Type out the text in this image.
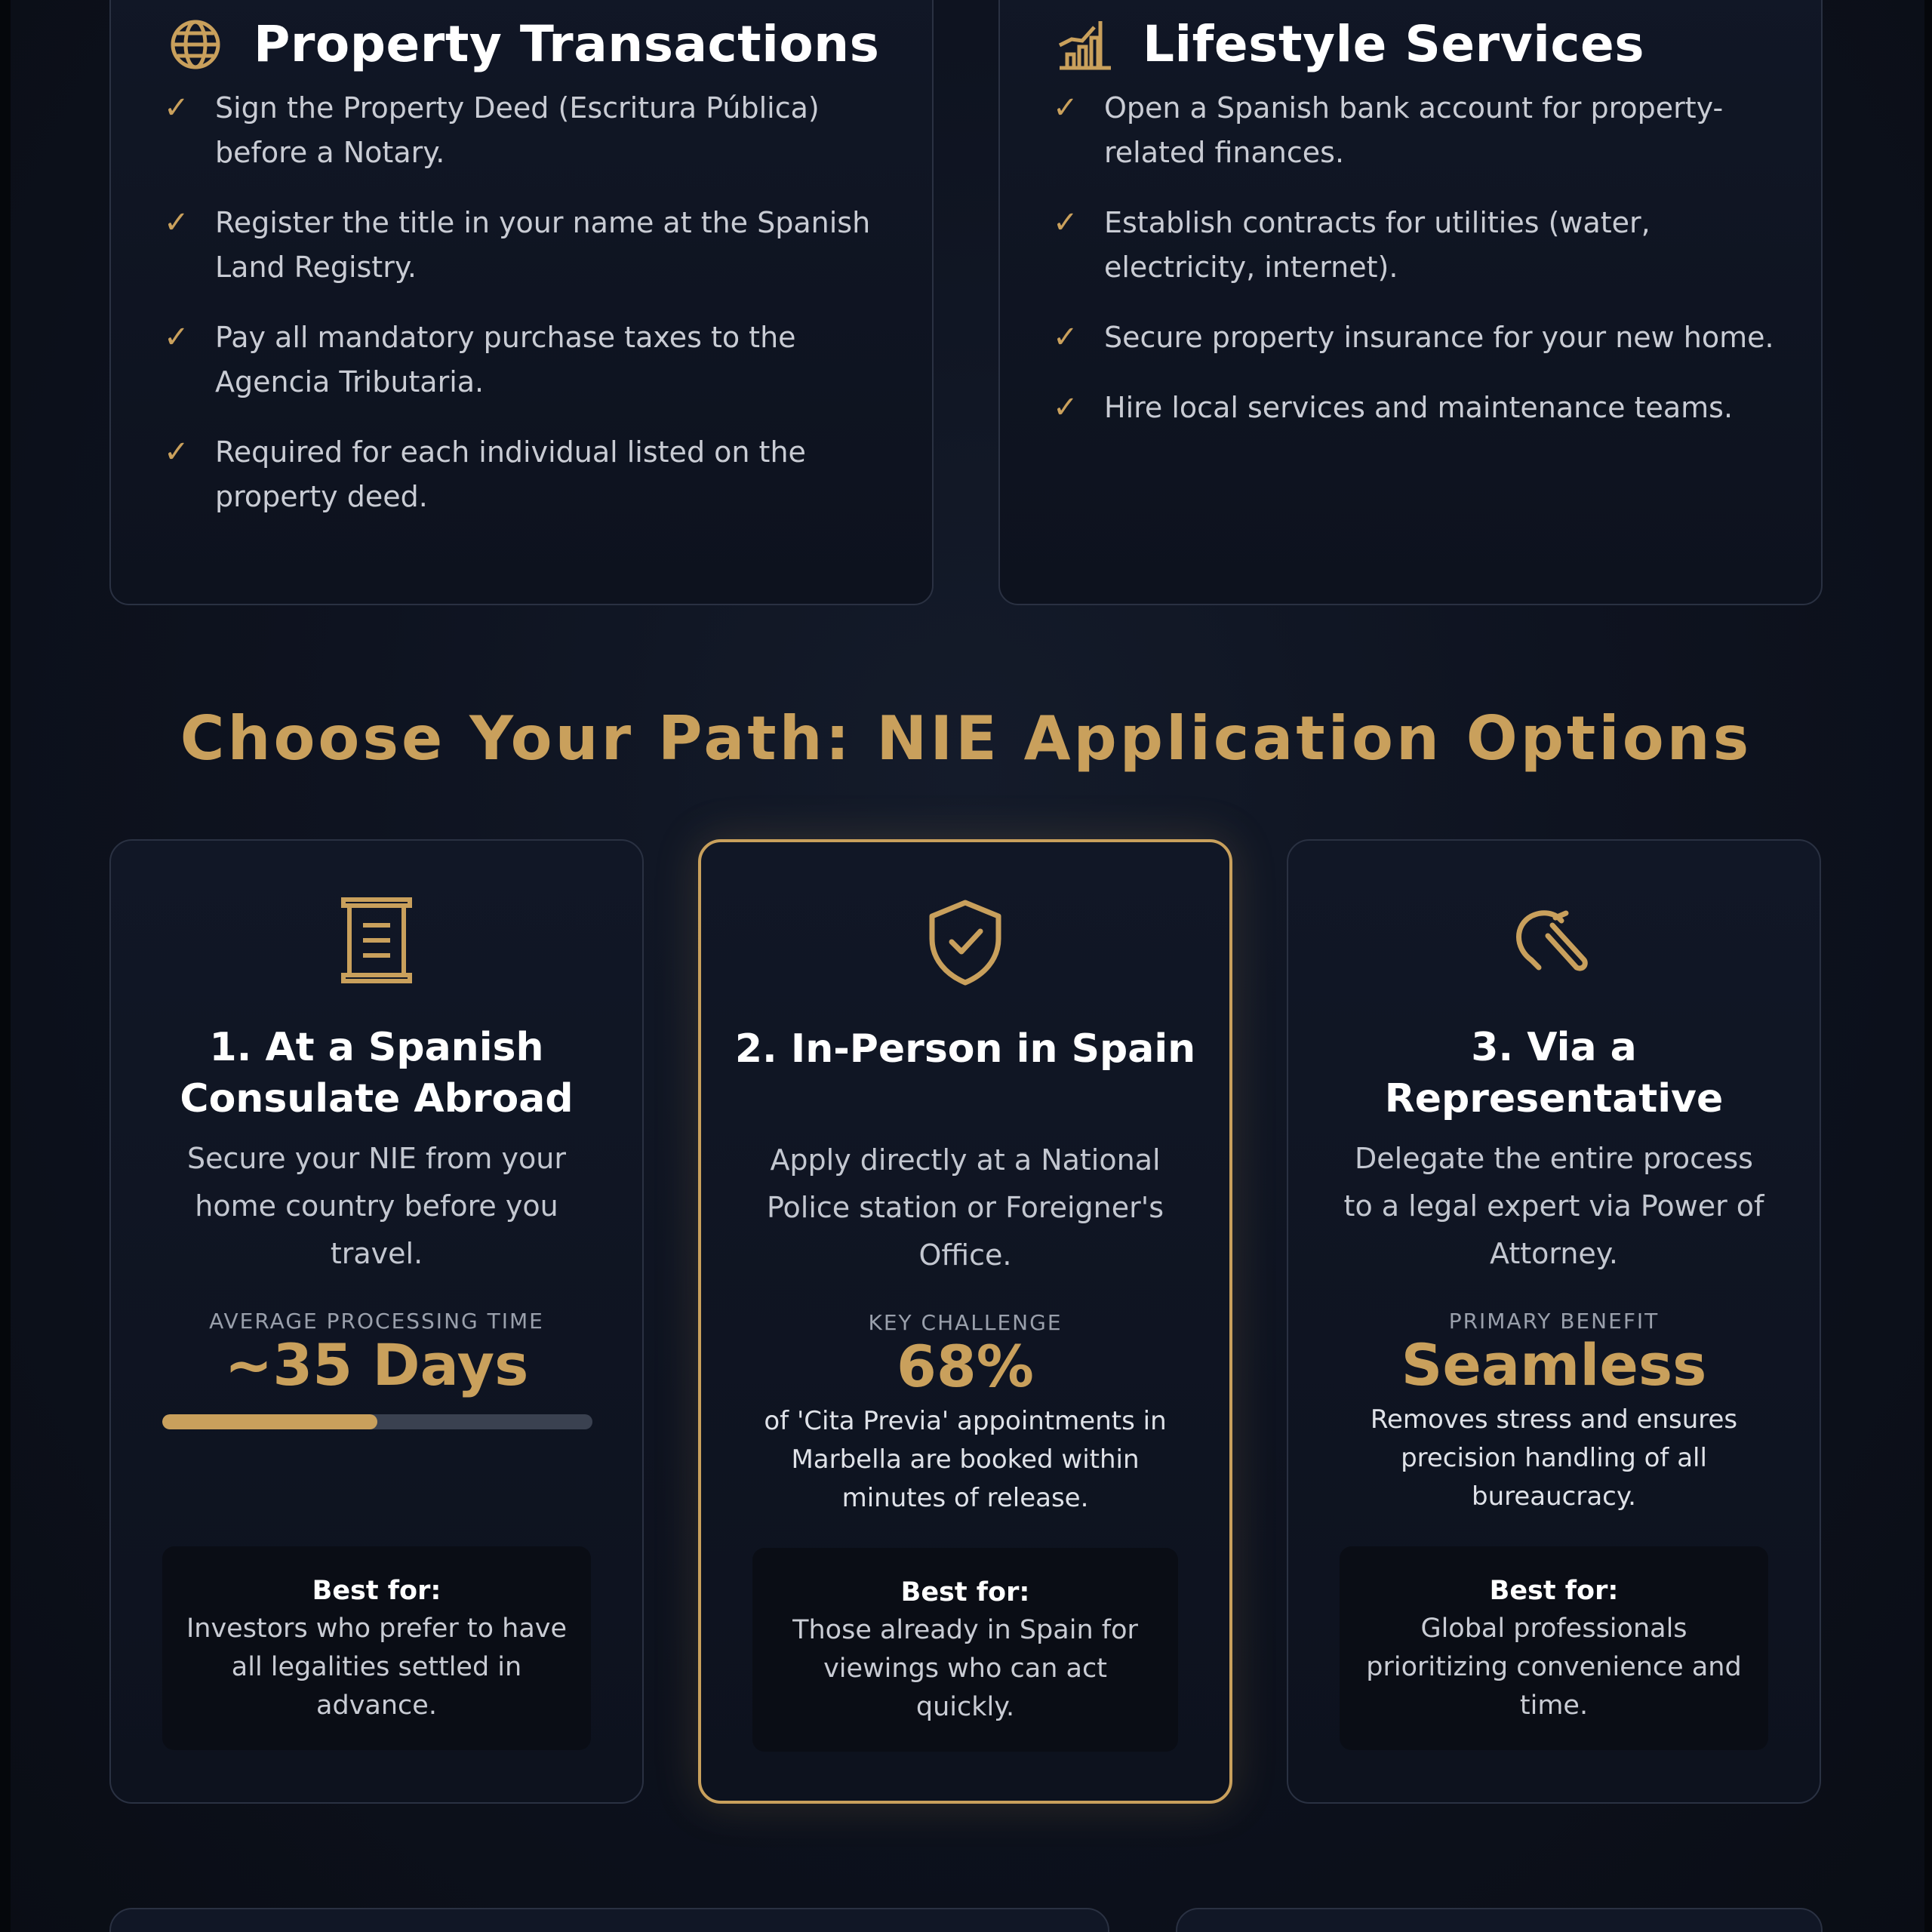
Property Transactions
✓ Sign the Property Deed (Escritura Pública) before a Notary.
✓ Register the title in your name at the Spanish Land Registry.
✓ Pay all mandatory purchase taxes to the Agencia Tributaria.
✓ Required for each individual listed on the property deed.
Lifestyle Services
✓ Open a Spanish bank account for property-related finances.
✓ Establish contracts for utilities (water, electricity, internet).
✓ Secure property insurance for your new home.
✓ Hire local services and maintenance teams.
Choose Your Path: NIE Application Options
1. At a Spanish Consulate Abroad

Secure your NIE from your home country before you travel.

AVERAGE PROCESSING TIME
~35 Days
Best for:
Investors who prefer to have all legalities settled in advance.
2. In-Person in Spain

Apply directly at a National Police station or Foreigner's Office.

KEY CHALLENGE
68%

of 'Cita Previa' appointments in Marbella are booked within minutes of release.

Best for:
Those already in Spain for viewings who can act quickly.
3. Via a Representative

Delegate the entire process to a legal expert via Power of Attorney.

PRIMARY BENEFIT
Seamless

Removes stress and ensures precision handling of all bureaucracy.

Best for:
Global professionals prioritizing convenience and time.
